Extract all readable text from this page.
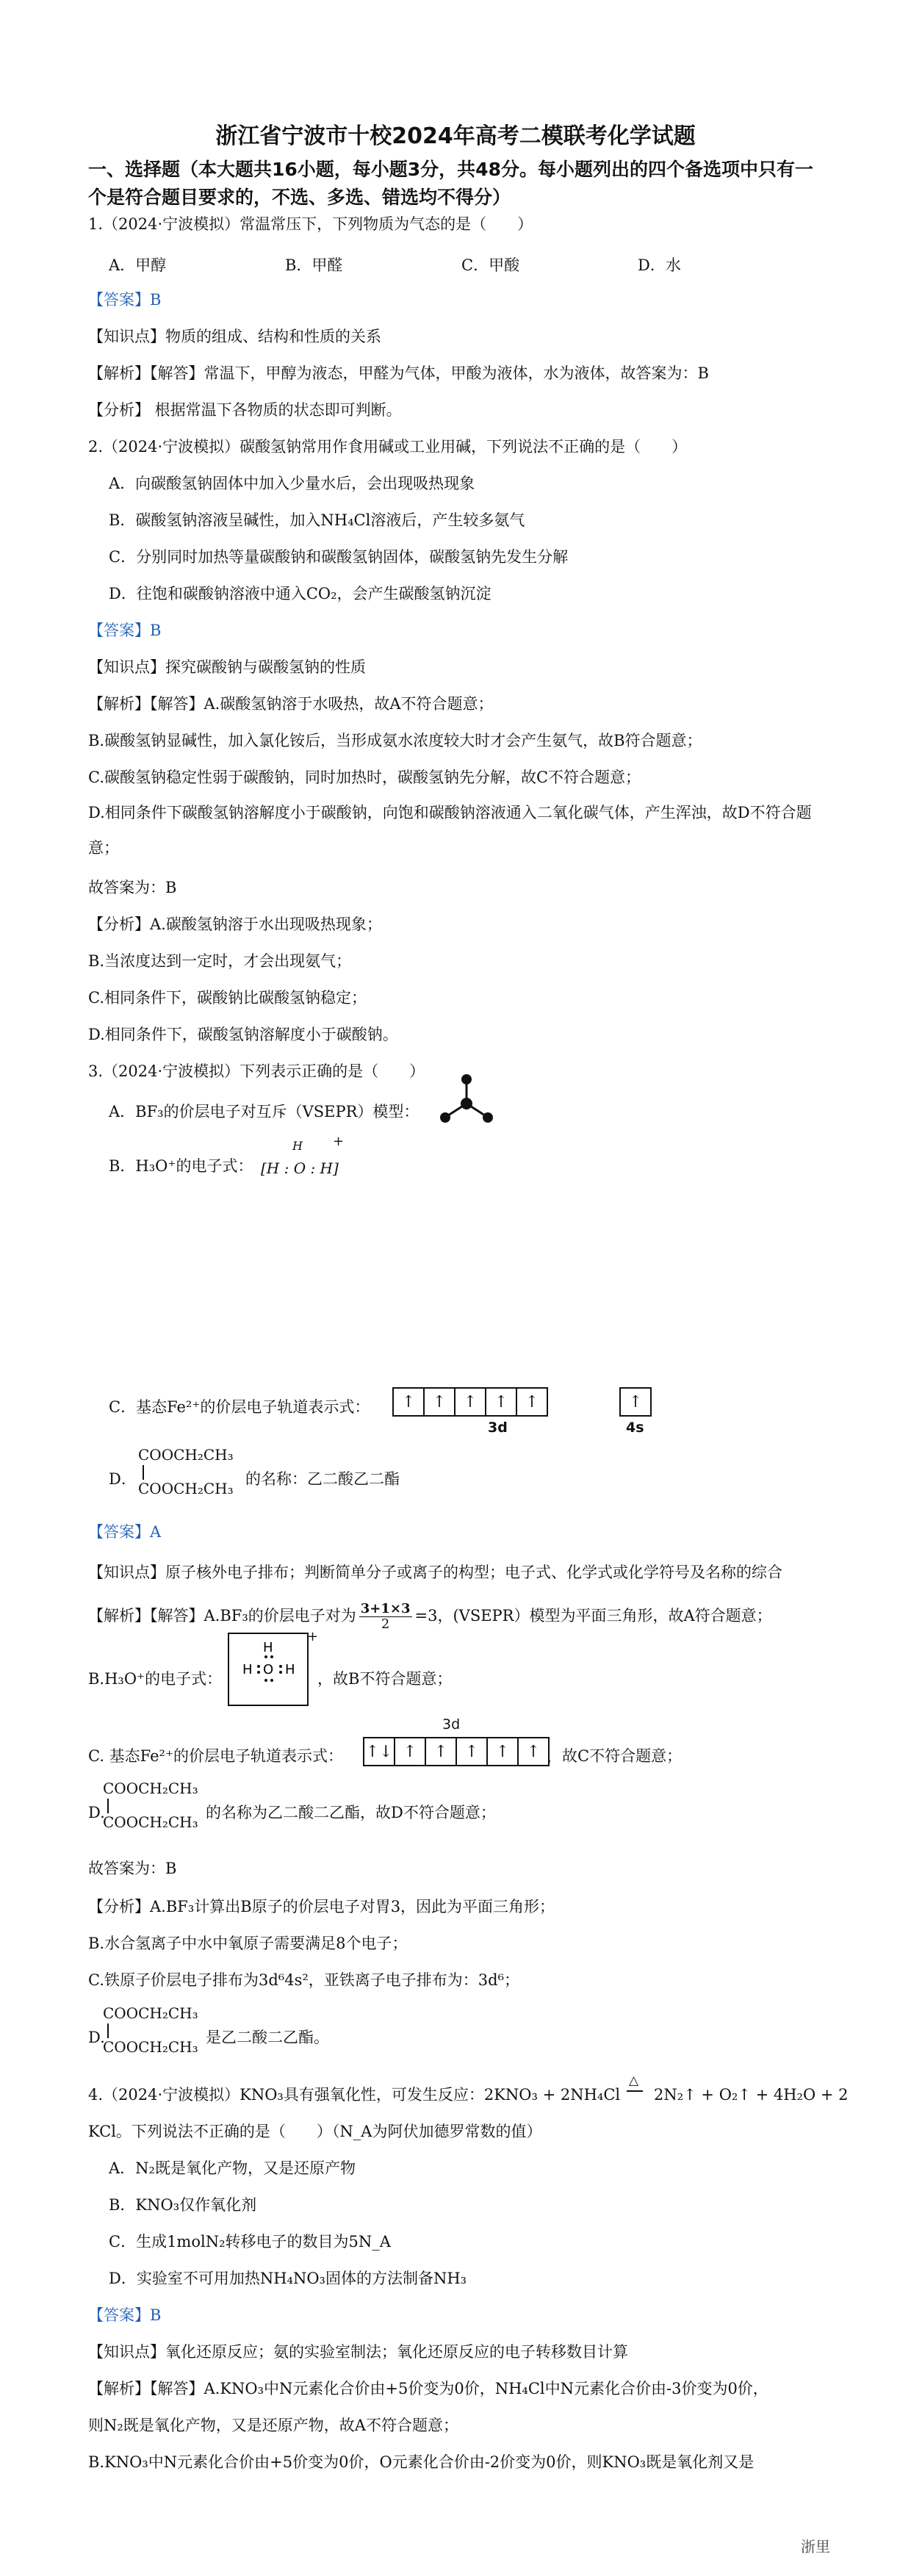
浙江省宁波市十校2024年高考二模联考化学试题
一、选择题（本大题共16小题，每小题3分，共48分。每小题列出的四个备选项中只有一个是符合题目要求的，不选、多选、错选均不得分）
1.（2024·宁波模拟）常温常压下，下列物质为气态的是（　　）
A．甲醇	B．甲醛	C．甲酸	D．水
【答案】B
【知识点】物质的组成、结构和性质的关系
【解析】【解答】常温下，甲醇为液态，甲醛为气体，甲酸为液体，水为液体，故答案为：B
【分析】 根据常温下各物质的状态即可判断。
2.（2024·宁波模拟）碳酸氢钠常用作食用碱或工业用碱，下列说法不正确的是（　　）
A．向碳酸氢钠固体中加入少量水后，会出现吸热现象
B．碳酸氢钠溶液呈碱性，加入NH₄Cl溶液后，产生较多氨气
C．分别同时加热等量碳酸钠和碳酸氢钠固体，碳酸氢钠先发生分解
D．往饱和碳酸钠溶液中通入CO₂，会产生碳酸氢钠沉淀
【答案】B
【知识点】探究碳酸钠与碳酸氢钠的性质
【解析】【解答】A.碳酸氢钠溶于水吸热，故A不符合题意；
B.碳酸氢钠显碱性，加入氯化铵后，当形成氨水浓度较大时才会产生氨气，故B符合题意；
C.碳酸氢钠稳定性弱于碳酸钠，同时加热时，碳酸氢钠先分解，故C不符合题意；
D.相同条件下碳酸氢钠溶解度小于碳酸钠，向饱和碳酸钠溶液通入二氧化碳气体，产生浑浊，故D不符合题意；
故答案为：B
【分析】A.碳酸氢钠溶于水出现吸热现象；
B.当浓度达到一定时，才会出现氨气；
C.相同条件下，碳酸钠比碳酸氢钠稳定；
D.相同条件下，碳酸氢钠溶解度小于碳酸钠。
3.（2024·宁波模拟）下列表示正确的是（　　）
A．BF₃的价层电子对互斥（VSEPR）模型：
B．H₃O⁺的电子式：
H +
[H : O : H]
C．基态Fe²⁺的价层电子轨道表示式：	↑	↑	↑	↑	↑	↑
3d	4s
D．
COOCH₂CH₃
COOCH₂CH₃
的名称：乙二酸乙二酯
【答案】A
【知识点】原子核外电子排布；判断简单分子或离子的构型；电子式、化学式或化学符号及名称的综合
【解析】【解答】A.BF₃的价层电子对为 $\frac{3+1\times 3}{2} =3$，(VSEPR）模型为平面三角形，故A符合题意；
B.H₃O⁺的电子式：
H
H O H
+
，故B不符合题意；
3d
C. 基态Fe²⁺的价层电子轨道表示式： ↑↓ ↑	↑	↑	↑	↑ ，故C不符合题意；
D.
COOCH₂CH₃
COOCH₂CH₃
的名称为乙二酸二乙酯，故D不符合题意；
故答案为：B
【分析】A.BF₃计算出B原子的价层电子对胃3，因此为平面三角形；
B.水合氢离子中水中氧原子需要满足8个电子；
C.铁原子价层电子排布为3d⁶4s²，亚铁离子电子排布为：3d⁶；
D.
COOCH₂CH₃
COOCH₂CH₃
是乙二酸二乙酯。
4.（2024·宁波模拟）KNO₃具有强氧化性，可发生反应：2KNO₃ + 2NH₄Cl
△
2N₂↑ + O₂↑ + 4H₂O + 2
KCl。下列说法不正确的是（　　）（N_A为阿伏加德罗常数的值）
A．N₂既是氧化产物，又是还原产物
B．KNO₃仅作氧化剂
C．生成1molN₂转移电子的数目为5N_A
D．实验室不可用加热NH₄NO₃固体的方法制备NH₃
【答案】B
【知识点】氧化还原反应；氨的实验室制法；氧化还原反应的电子转移数目计算
【解析】【解答】A.KNO₃中N元素化合价由+5价变为0价，NH₄Cl中N元素化合价由-3价变为0价，
则N₂既是氧化产物，又是还原产物，故A不符合题意；
B.KNO₃中N元素化合价由+5价变为0价，O元素化合价由-2价变为0价，则KNO₃既是氧化剂又是
浙里
